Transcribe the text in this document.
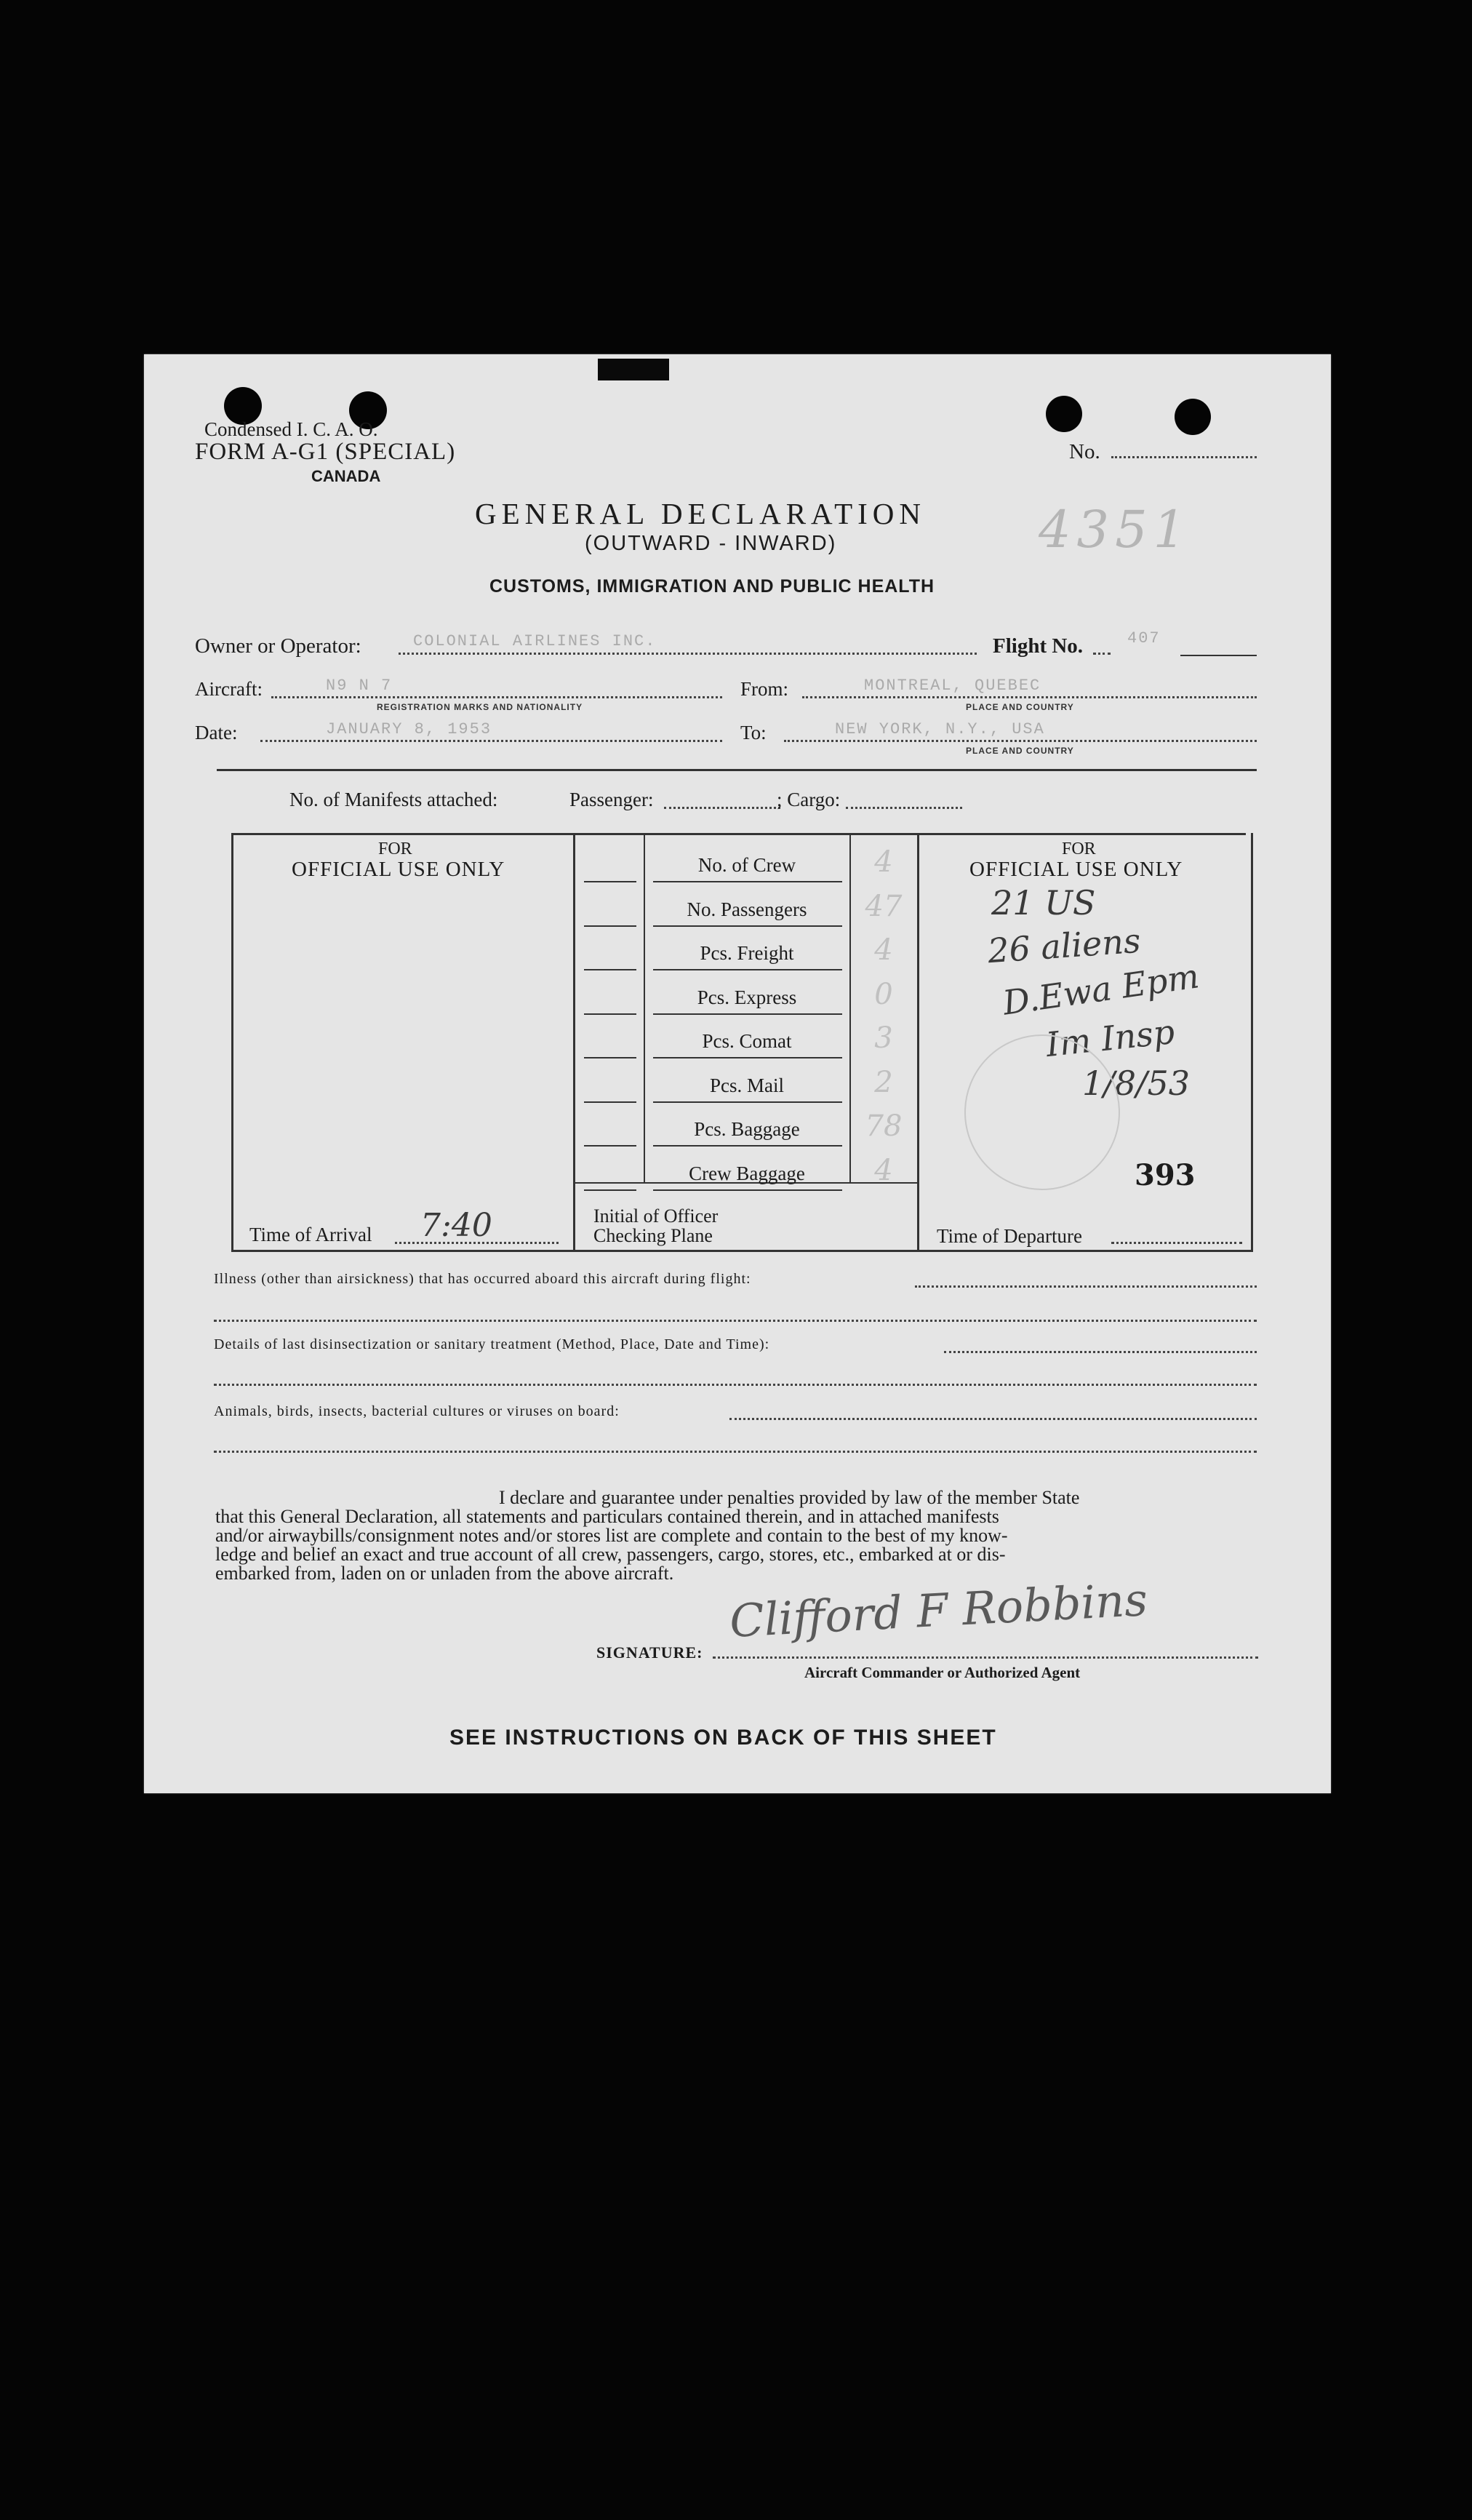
Condensed I. C. A. O.
FORM A-G1 (SPECIAL)
CANADA
No.
GENERAL DECLARATION
(OUTWARD - INWARD)	4351
CUSTOMS, IMMIGRATION AND PUBLIC HEALTH
Owner or Operator:	COLONIAL AIRLINES INC.	Flight No.	407
Aircraft:	N9 N 7
REGISTRATION MARKS AND NATIONALITY
From:	MONTREAL, QUEBEC
PLACE AND COUNTRY
Date:	JANUARY 8, 1953	To:	NEW YORK, N.Y., USA
PLACE AND COUNTRY
No. of Manifests attached:	Passenger:	; Cargo:
FOR
OFFICIAL USE ONLY
FOR
OFFICIAL USE ONLY
No. of Crew	4
No. Passengers	47
Pcs. Freight	4
Pcs. Express	0
Pcs. Comat	3
Pcs. Mail	2
Pcs. Baggage	78
Crew Baggage	4
21 US
26 aliens
D.Ewa Epm
Im Insp
1/8/53
393
Time of Arrival 7:40	Initial of Officer
Checking Plane	Time of Departure
Illness (other than airsickness) that has occurred aboard this aircraft during flight:
Details of last disinsectization or sanitary treatment (Method, Place, Date and Time):
Animals, birds, insects, bacterial cultures or viruses on board:
I declare and guarantee under penalties provided by law of the member State
that this General Declaration, all statements and particulars contained therein, and in attached manifests
and/or airwaybills/consignment notes and/or stores list are complete and contain to the best of my know-
ledge and belief an exact and true account of all crew, passengers, cargo, stores, etc., embarked at or dis-
embarked from, laden on or unladen from the above aircraft.
SIGNATURE:
Clifford F Robbins
Aircraft Commander or Authorized Agent
SEE INSTRUCTIONS ON BACK OF THIS SHEET
